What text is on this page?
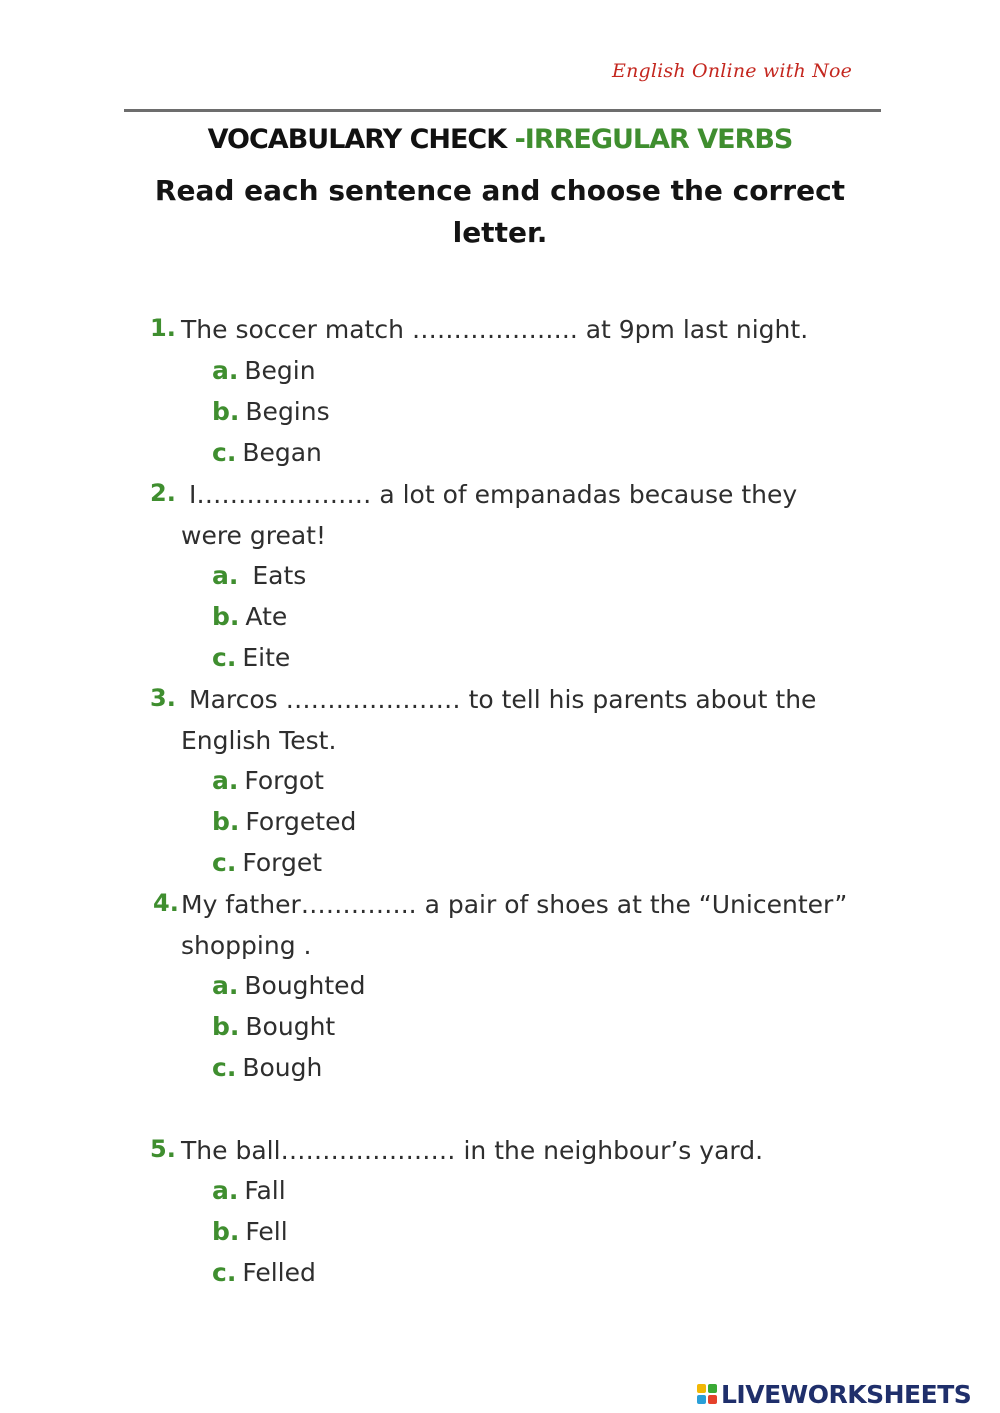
English Online with Noe
VOCABULARY CHECK -IRREGULAR VERBS
Read each sentence and choose the correct letter.
1. The soccer match ……………….. at 9pm last night.
a. Begin
b. Begins
c. Began
2. I………………… a lot of empanadas because they were great!
a. Eats
b. Ate
c. Eite
3. Marcos ………………… to tell his parents about the English Test.
a. Forgot
b. Forgeted
c. Forget
4. My father………….. a pair of shoes at the “Unicenter” shopping .
a. Boughted
b. Bought
c. Bough
5. The ball………………… in the neighbour’s yard.
a. Fall
b. Fell
c. Felled
LIVEWORKSHEETS
